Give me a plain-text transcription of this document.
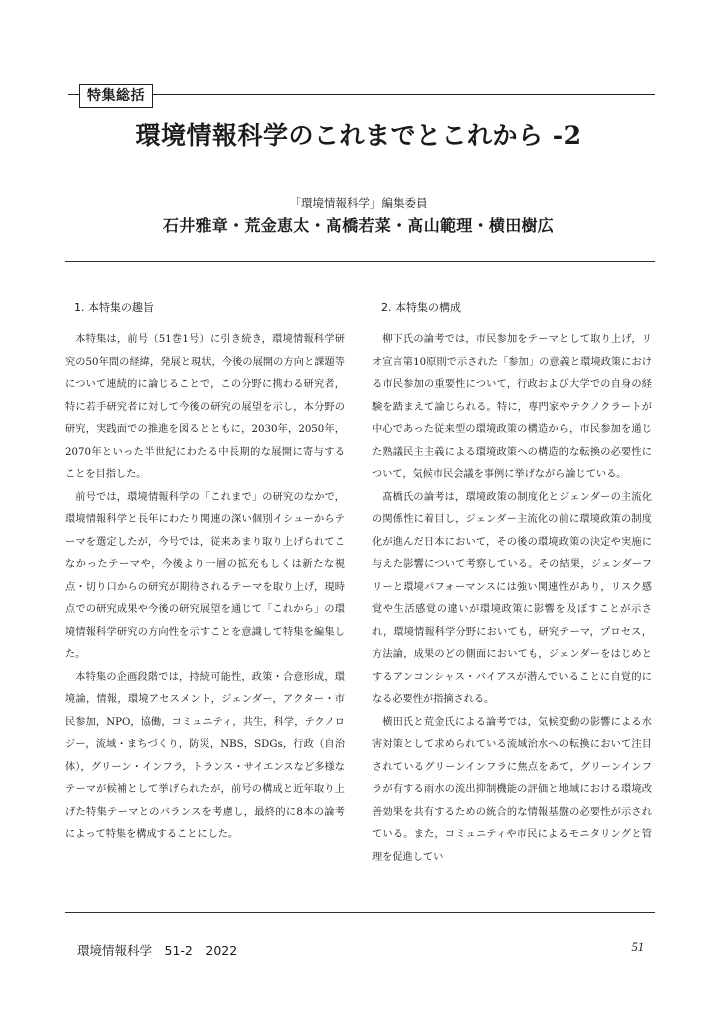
特集総括
環境情報科学のこれまでとこれから -2
「環境情報科学」編集委員
石井雅章・荒金恵太・髙橋若菜・髙山範理・横田樹広
1. 本特集の趣旨

本特集は，前号（51巻1号）に引き続き，環境情報科学研究の50年間の経緯，発展と現状，今後の展開の方向と課題等について連続的に論じることで，この分野に携わる研究者，特に若手研究者に対して今後の研究の展望を示し，本分野の研究，実践面での推進を図るとともに，2030年，2050年，2070年といった半世紀にわたる中長期的な展開に寄与することを目指した。

前号では，環境情報科学の「これまで」の研究のなかで，環境情報科学と長年にわたり関連の深い個別イシューからテーマを選定したが，今号では，従来あまり取り上げられてこなかったテーマや，今後より一層の拡充もしくは新たな視点・切り口からの研究が期待されるテーマを取り上げ，現時点での研究成果や今後の研究展望を通じて「これから」の環境情報科学研究の方向性を示すことを意識して特集を編集した。

本特集の企画段階では，持続可能性，政策・合意形成，環境論，情報，環境アセスメント，ジェンダー，アクター・市民参加，NPO，協働，コミュニティ，共生，科学，テクノロジー，流域・まちづくり，防災，NBS，SDGs，行政（自治体），グリーン・インフラ，トランス・サイエンスなど多様なテーマが候補として挙げられたが，前号の構成と近年取り上げた特集テーマとのバランスを考慮し，最終的に8本の論考によって特集を構成することにした。

2. 本特集の構成

柳下氏の論考では，市民参加をテーマとして取り上げ，リオ宣言第10原則で示された「参加」の意義と環境政策における市民参加の重要性について，行政および大学での自身の経験を踏まえて論じられる。特に，専門家やテクノクラートが中心であった従来型の環境政策の構造から，市民参加を通じた熟議民主主義による環境政策への構造的な転換の必要性について，気候市民会議を事例に挙げながら論じている。

髙橋氏の論考は，環境政策の制度化とジェンダーの主流化の関係性に着目し，ジェンダー主流化の前に環境政策の制度化が進んだ日本において，その後の環境政策の決定や実施に与えた影響について考察している。その結果，ジェンダーフリーと環境パフォーマンスには強い関連性があり，リスク感覚や生活感覚の違いが環境政策に影響を及ぼすことが示され，環境情報科学分野においても，研究テーマ，プロセス，方法論，成果のどの側面においても，ジェンダーをはじめとするアンコンシャス・バイアスが潜んでいることに自覚的になる必要性が指摘される。

横田氏と荒金氏による論考では，気候変動の影響による水害対策として求められている流域治水への転換において注目されているグリーンインフラに焦点をあて，グリーンインフラが有する雨水の流出抑制機能の評価と地域における環境改善効果を共有するための統合的な情報基盤の必要性が示されている。また，コミュニティや市民によるモニタリングと管理を促進してい

環境情報科学　51-2　2022	51
